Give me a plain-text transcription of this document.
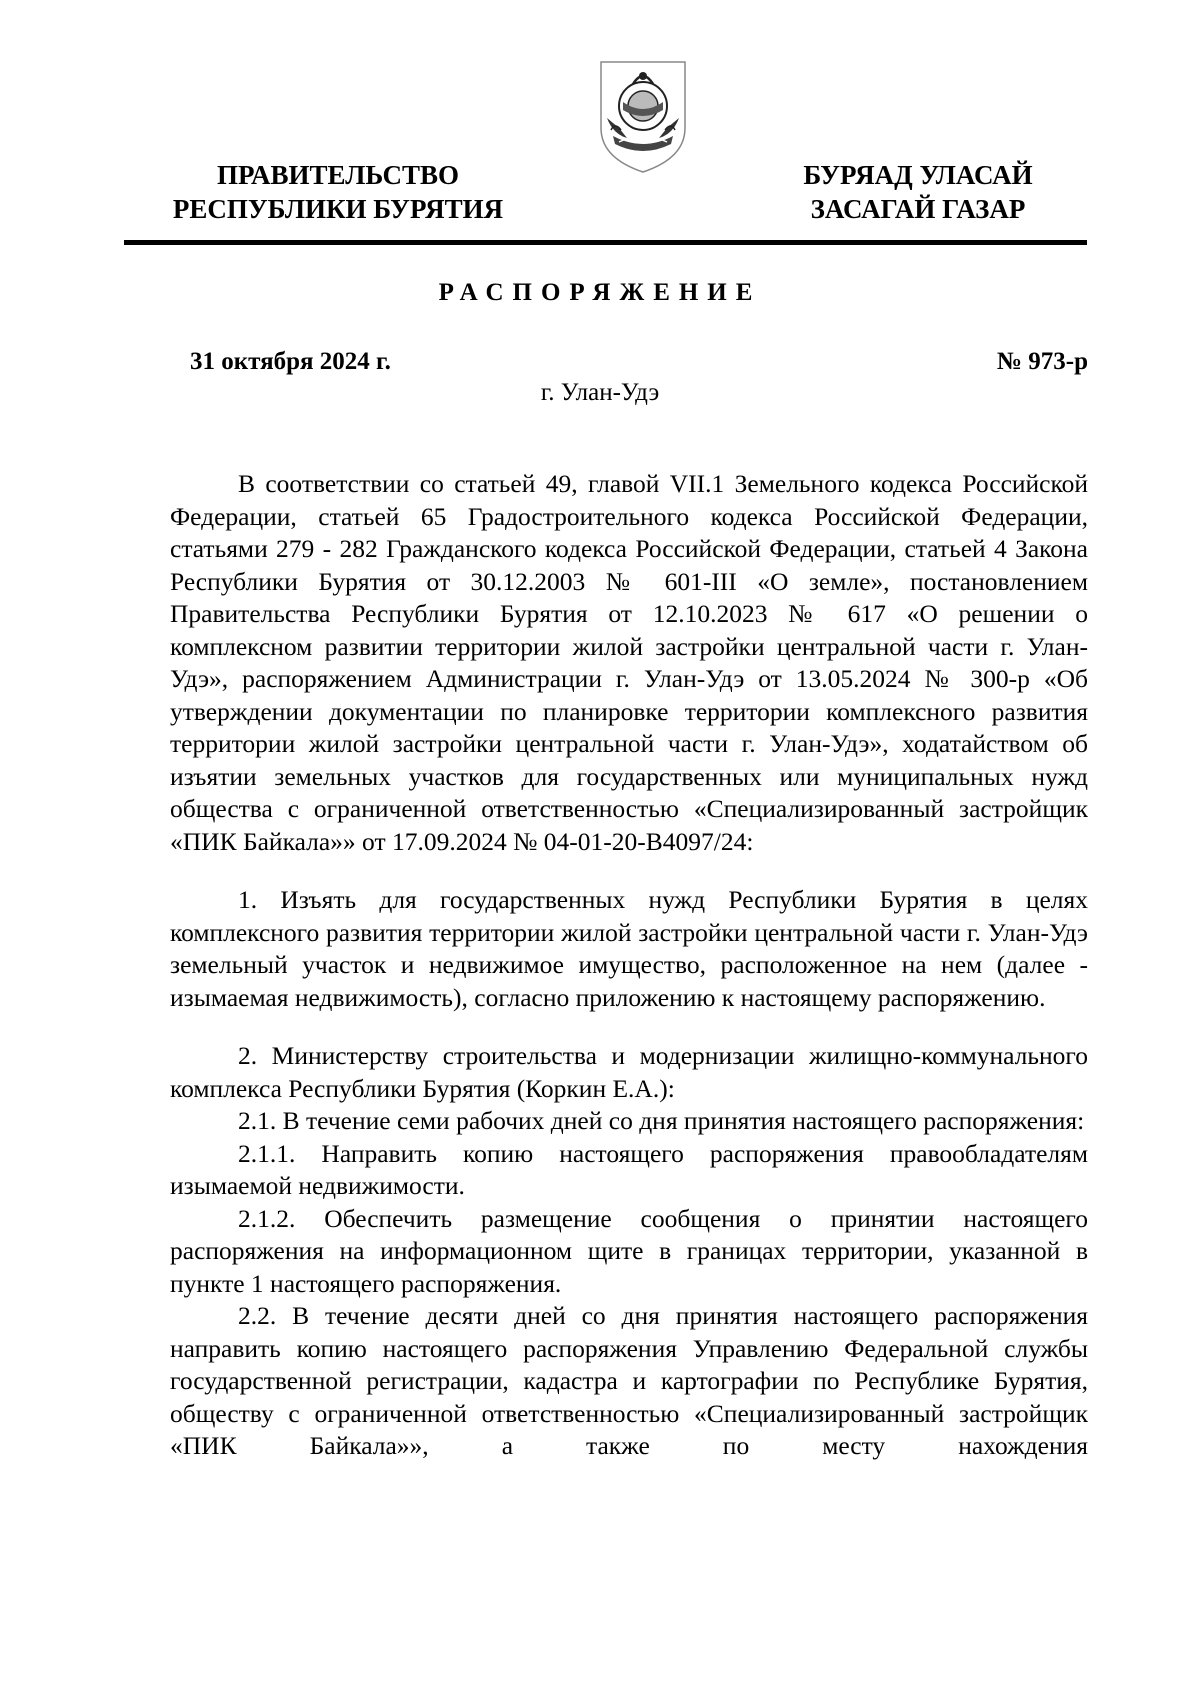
ПРАВИТЕЛЬСТВО
РЕСПУБЛИКИ БУРЯТИЯ
БУРЯАД УЛАСАЙ
ЗАСАГАЙ ГАЗАР
РАСПОРЯЖЕНИЕ
31 октября 2024 г.	№ 973-р
г. Улан-Удэ

В соответствии со статьей 49, главой VII.1 Земельного кодекса Российской Федерации, статьей 65 Градостроительного кодекса Российской Федерации, статьями 279 - 282 Гражданского кодекса Российской Федерации, статьей 4 Закона Республики Бурятия от 30.12.2003 № 601-III «О земле», постановлением Правительства Республики Бурятия от 12.10.2023 № 617 «О решении о комплексном развитии территории жилой застройки центральной части г. Улан-Удэ», распоряжением Администрации г. Улан-Удэ от 13.05.2024 № 300-р «Об утверждении документации по планировке территории комплексного развития территории жилой застройки центральной части г. Улан-Удэ», ходатайством об изъятии земельных участков для государственных или муниципальных нужд общества с ограниченной ответственностью «Специализированный застройщик «ПИК Байкала»» от 17.09.2024 № 04-01-20-В4097/24:

1. Изъять для государственных нужд Республики Бурятия в целях комплексного развития территории жилой застройки центральной части г. Улан-Удэ земельный участок и недвижимое имущество, расположенное на нем (далее - изымаемая недвижимость), согласно приложению к настоящему распоряжению.

2. Министерству строительства и модернизации жилищно-коммунального комплекса Республики Бурятия (Коркин Е.А.):

2.1. В течение семи рабочих дней со дня принятия настоящего распоряжения:

2.1.1. Направить копию настоящего распоряжения правообладателям изымаемой недвижимости.

2.1.2. Обеспечить размещение сообщения о принятии настоящего распоряжения на информационном щите в границах территории, указанной в пункте 1 настоящего распоряжения.

2.2. В течение десяти дней со дня принятия настоящего распоряжения направить копию настоящего распоряжения Управлению Федеральной службы государственной регистрации, кадастра и картографии по Республике Бурятия, обществу с ограниченной ответственностью «Специализированный застройщик «ПИК Байкала»», а также по месту нахождения
